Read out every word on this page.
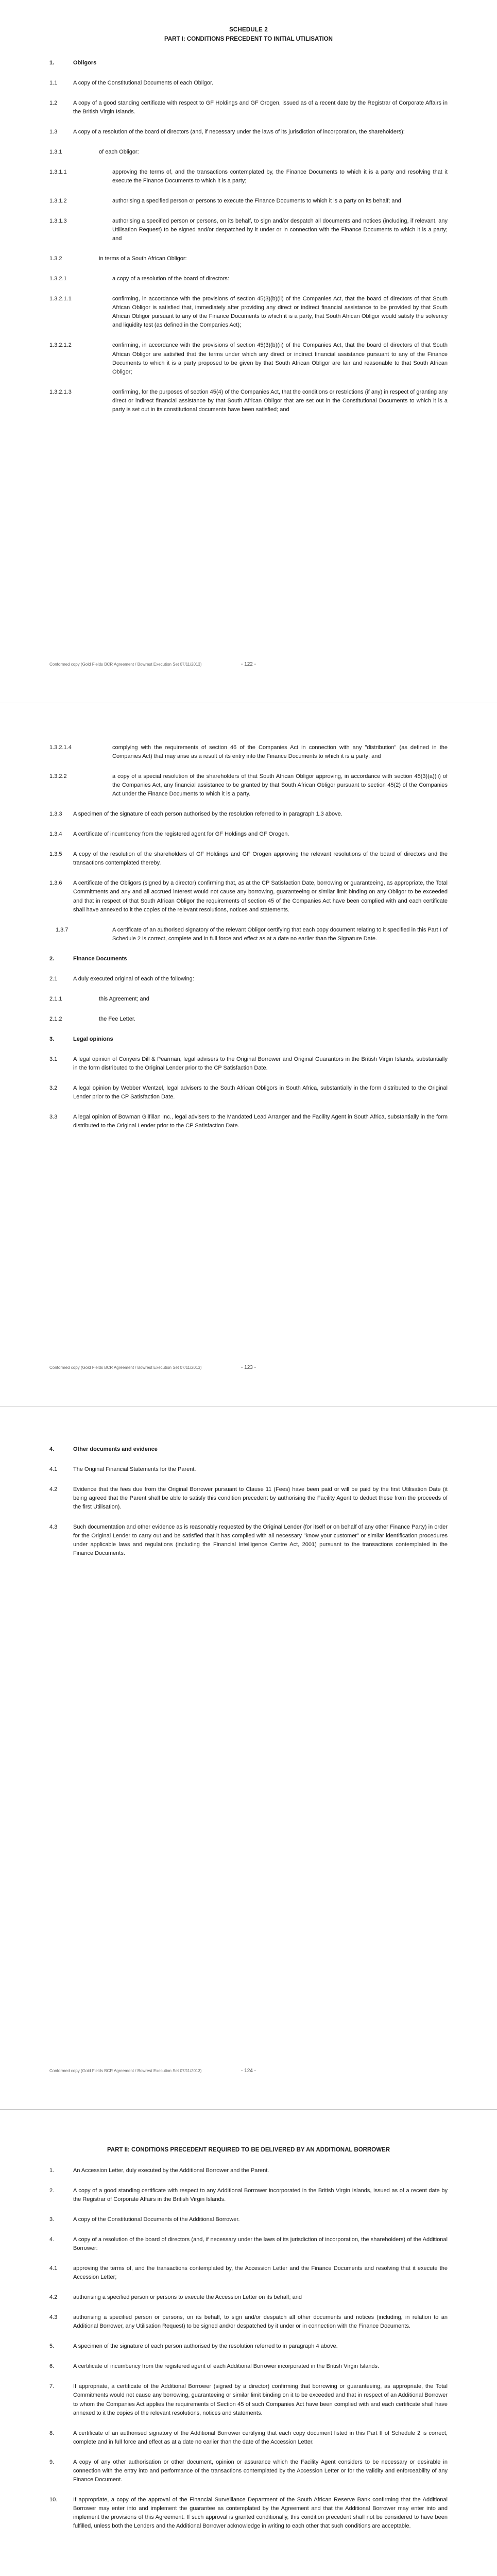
SCHEDULE 2
PART I: CONDITIONS PRECEDENT TO INITIAL UTILISATION
1.	Obligors
1.1	A copy of the Constitutional Documents of each Obligor.
1.2	A copy of a good standing certificate with respect to GF Holdings and GF Orogen, issued as of a recent date by the Registrar of Corporate Affairs in the British Virgin Islands.
1.3	A copy of a resolution of the board of directors (and, if necessary under the laws of its jurisdiction of incorporation, the shareholders):
1.3.1	of each Obligor:
1.3.1.1	approving the terms of, and the transactions contemplated by, the Finance Documents to which it is a party and resolving that it execute the Finance Documents to which it is a party;
1.3.1.2	authorising a specified person or persons to execute the Finance Documents to which it is a party on its behalf; and
1.3.1.3	authorising a specified person or persons, on its behalf, to sign and/or despatch all documents and notices (including, if relevant, any Utilisation Request) to be signed and/or despatched by it under or in connection with the Finance Documents to which it is a party; and
1.3.2	in terms of a South African Obligor:
1.3.2.1	a copy of a resolution of the board of directors:
1.3.2.1.1	confirming, in accordance with the provisions of section 45(3)(b)(ii) of the Companies Act, that the board of directors of that South African Obligor is satisfied that, immediately after providing any direct or indirect financial assistance to be provided by that South African Obligor pursuant to any of the Finance Documents to which it is a party, that South African Obligor would satisfy the solvency and liquidity test (as defined in the Companies Act);
1.3.2.1.2	confirming, in accordance with the provisions of section 45(3)(b)(ii) of the Companies Act, that the board of directors of that South African Obligor are satisfied that the terms under which any direct or indirect financial assistance pursuant to any of the Finance Documents to which it is a party proposed to be given by that South African Obligor are fair and reasonable to that South African Obligor;
1.3.2.1.3	confirming, for the purposes of section 45(4) of the Companies Act, that the conditions or restrictions (if any) in respect of granting any direct or indirect financial assistance by that South African Obligor that are set out in the Constitutional Documents to which it is a party is set out in its constitutional documents have been satisfied; and
- 122 -
Conformed copy (Gold Fields BCR Agreement / Bowrest Execution Set 07/11/2013)
1.3.2.1.4	complying with the requirements of section 46 of the Companies Act in connection with any "distribution" (as defined in the Companies Act) that may arise as a result of its entry into the Finance Documents to which it is a party; and
1.3.2.2	a copy of a special resolution of the shareholders of that South African Obligor approving, in accordance with section 45(3)(a)(ii) of the Companies Act, any financial assistance to be granted by that South African Obligor pursuant to section 45(2) of the Companies Act under the Finance Documents to which it is a party.
1.3.3 A specimen of the signature of each person authorised by the resolution referred to in paragraph 1.3 above.
1.3.4 A certificate of incumbency from the registered agent for GF Holdings and GF Orogen.
1.3.5 A copy of the resolution of the shareholders of GF Holdings and GF Orogen approving the relevant resolutions of the board of directors and the transactions contemplated thereby.
1.3.6 A certificate of the Obligors (signed by a director) confirming that, as at the CP Satisfaction Date, borrowing or guaranteeing, as appropriate, the Total Commitments and any and all accrued interest would not cause any borrowing, guaranteeing or similar limit binding on any Obligor to be exceeded and that in respect of that South African Obligor the requirements of section 45 of the Companies Act have been complied with and each certificate shall have annexed to it the copies of the relevant resolutions, notices and statements.
1.3.7	A certificate of an authorised signatory of the relevant Obligor certifying that each copy document relating to it specified in this Part I of Schedule 2 is correct, complete and in full force and effect as at a date no earlier than the Signature Date.
2.	Finance Documents
2.1	A duly executed original of each of the following:
2.1.1	this Agreement; and
2.1.2	the Fee Letter.
3.	Legal opinions
3.1	A legal opinion of Conyers Dill & Pearman, legal advisers to the Original Borrower and Original Guarantors in the British Virgin Islands, substantially in the form distributed to the Original Lender prior to the CP Satisfaction Date.
3.2	A legal opinion by Webber Wentzel, legal advisers to the South African Obligors in South Africa, substantially in the form distributed to the Original Lender prior to the CP Satisfaction Date.
3.3	A legal opinion of Bowman Gilfillan Inc., legal advisers to the Mandated Lead Arranger and the Facility Agent in South Africa, substantially in the form distributed to the Original Lender prior to the CP Satisfaction Date.
- 123 -
Conformed copy (Gold Fields BCR Agreement / Bowrest Execution Set 07/11/2013)
4.	Other documents and evidence
4.1	The Original Financial Statements for the Parent.
4.2	Evidence that the fees due from the Original Borrower pursuant to Clause 11 (Fees) have been paid or will be paid by the first Utilisation Date (it being agreed that the Parent shall be able to satisfy this condition precedent by authorising the Facility Agent to deduct these from the proceeds of the first Utilisation).
4.3	Such documentation and other evidence as is reasonably requested by the Original Lender (for itself or on behalf of any other Finance Party) in order for the Original Lender to carry out and be satisfied that it has complied with all necessary "know your customer" or similar identification procedures under applicable laws and regulations (including the Financial Intelligence Centre Act, 2001) pursuant to the transactions contemplated in the Finance Documents.
- 124 -
Conformed copy (Gold Fields BCR Agreement / Bowrest Execution Set 07/11/2013)
PART II: CONDITIONS PRECEDENT REQUIRED TO BE DELIVERED BY AN ADDITIONAL BORROWER
1.	An Accession Letter, duly executed by the Additional Borrower and the Parent.
2.	A copy of a good standing certificate with respect to any Additional Borrower incorporated in the British Virgin Islands, issued as of a recent date by the Registrar of Corporate Affairs in the British Virgin Islands.
3.	A copy of the Constitutional Documents of the Additional Borrower.
4.	A copy of a resolution of the board of directors (and, if necessary under the laws of its jurisdiction of incorporation, the shareholders) of the Additional Borrower:
4.1	approving the terms of, and the transactions contemplated by, the Accession Letter and the Finance Documents and resolving that it execute the Accession Letter;
4.2	authorising a specified person or persons to execute the Accession Letter on its behalf; and
4.3	authorising a specified person or persons, on its behalf, to sign and/or despatch all other documents and notices (including, in relation to an Additional Borrower, any Utilisation Request) to be signed and/or despatched by it under or in connection with the Finance Documents.
5.	A specimen of the signature of each person authorised by the resolution referred to in paragraph 4 above.
6.	A certificate of incumbency from the registered agent of each Additional Borrower incorporated in the British Virgin Islands.
7.	If appropriate, a certificate of the Additional Borrower (signed by a director) confirming that borrowing or guaranteeing, as appropriate, the Total Commitments would not cause any borrowing, guaranteeing or similar limit binding on it to be exceeded and that in respect of an Additional Borrower to whom the Companies Act applies the requirements of Section 45 of such Companies Act have been complied with and each certificate shall have annexed to it the copies of the relevant resolutions, notices and statements.
8.	A certificate of an authorised signatory of the Additional Borrower certifying that each copy document listed in this Part II of Schedule 2 is correct, complete and in full force and effect as at a date no earlier than the date of the Accession Letter.
9.	A copy of any other authorisation or other document, opinion or assurance which the Facility Agent considers to be necessary or desirable in connection with the entry into and performance of the transactions contemplated by the Accession Letter or for the validity and enforceability of any Finance Document.
10.	If appropriate, a copy of the approval of the Financial Surveillance Department of the South African Reserve Bank confirming that the Additional Borrower may enter into and implement the guarantee as contemplated by the Agreement and that the Additional Borrower may enter into and implement the provisions of this Agreement. If such approval is granted conditionally, this condition precedent shall not be considered to have been fulfilled, unless both the Lenders and the Additional Borrower acknowledge in writing to each other that such conditions are acceptable.
